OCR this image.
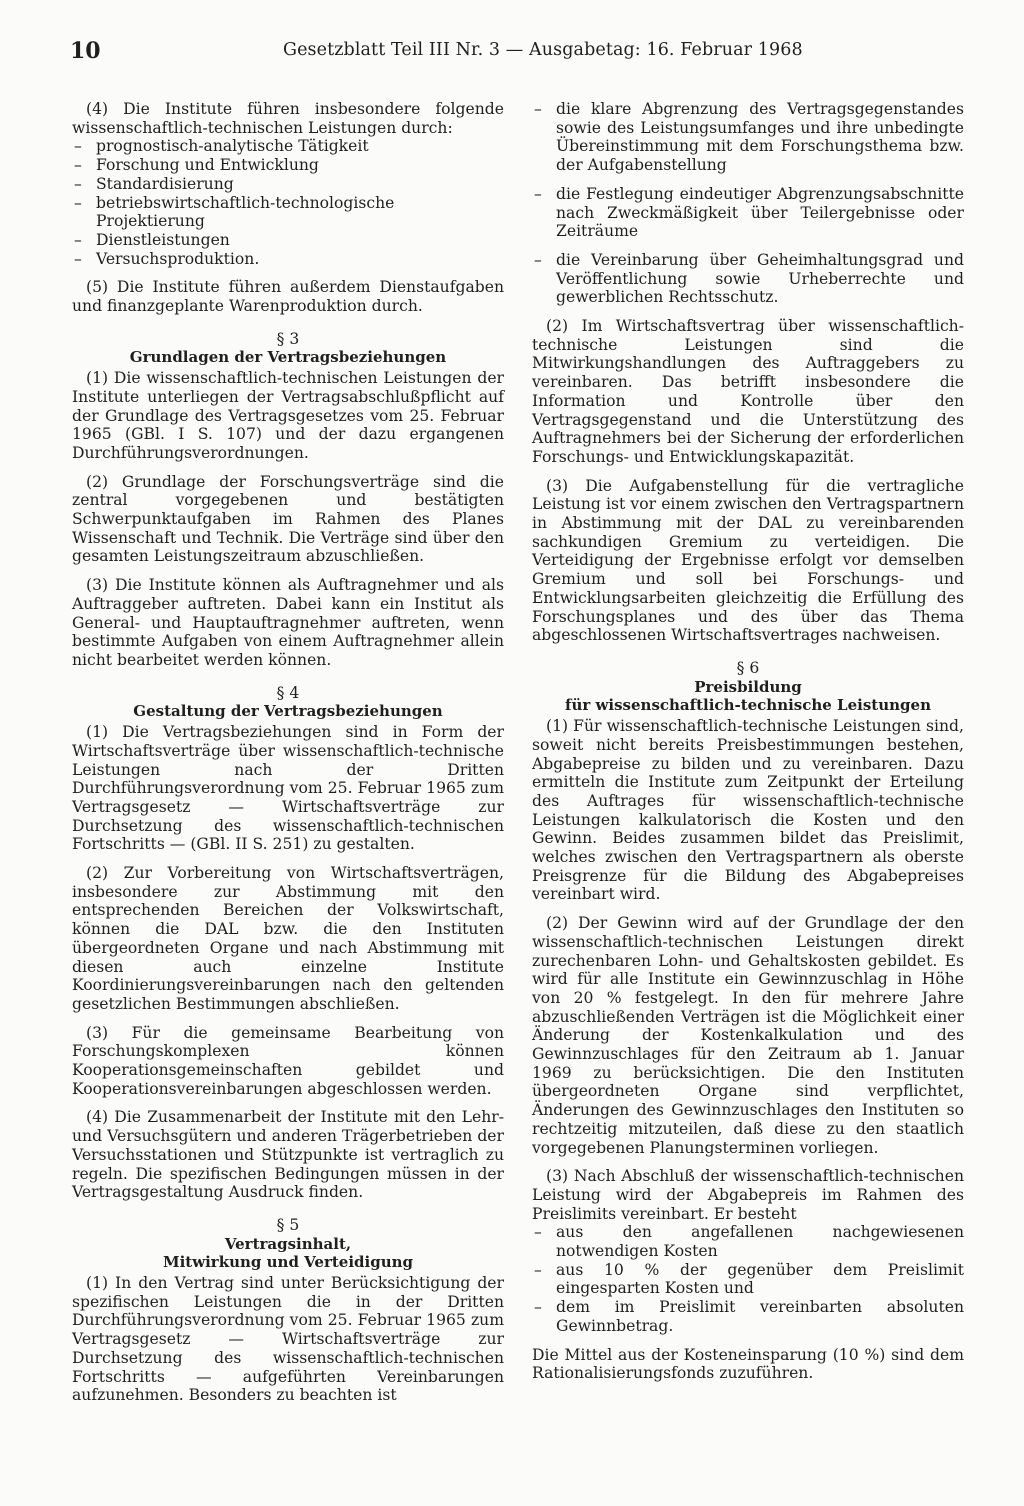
10	Gesetzblatt Teil III Nr. 3 — Ausgabetag: 16. Februar 1968

(4) Die Institute führen insbesondere folgende wissenschaftlich-technischen Leistungen durch:

– prognostisch-analytische Tätigkeit
– Forschung und Entwicklung
– Standardisierung
– betriebswirtschaftlich-technologische Projektierung
– Dienstleistungen
– Versuchsproduktion.

(5) Die Institute führen außerdem Dienstaufgaben und finanzgeplante Warenproduktion durch.

§ 3
Grundlagen der Vertragsbeziehungen

(1) Die wissenschaftlich-technischen Leistungen der Institute unterliegen der Vertragsabschlußpflicht auf der Grundlage des Vertragsgesetzes vom 25. Februar 1965 (GBl. I S. 107) und der dazu ergangenen Durchführungsverordnungen.

(2) Grundlage der Forschungsverträge sind die zentral vorgegebenen und bestätigten Schwerpunktaufgaben im Rahmen des Planes Wissenschaft und Technik. Die Verträge sind über den gesamten Leistungszeitraum abzuschließen.

(3) Die Institute können als Auftragnehmer und als Auftraggeber auftreten. Dabei kann ein Institut als General- und Hauptauftragnehmer auftreten, wenn bestimmte Aufgaben von einem Auftragnehmer allein nicht bearbeitet werden können.

§ 4
Gestaltung der Vertragsbeziehungen

(1) Die Vertragsbeziehungen sind in Form der Wirtschaftsverträge über wissenschaftlich-technische Leistungen nach der Dritten Durchführungsverordnung vom 25. Februar 1965 zum Vertragsgesetz — Wirtschaftsverträge zur Durchsetzung des wissenschaftlich-technischen Fortschritts — (GBl. II S. 251) zu gestalten.

(2) Zur Vorbereitung von Wirtschaftsverträgen, insbesondere zur Abstimmung mit den entsprechenden Bereichen der Volkswirtschaft, können die DAL bzw. die den Instituten übergeordneten Organe und nach Abstimmung mit diesen auch einzelne Institute Koordinierungsvereinbarungen nach den geltenden gesetzlichen Bestimmungen abschließen.

(3) Für die gemeinsame Bearbeitung von Forschungskomplexen können Kooperationsgemeinschaften gebildet und Kooperationsvereinbarungen abgeschlossen werden.

(4) Die Zusammenarbeit der Institute mit den Lehr- und Versuchsgütern und anderen Trägerbetrieben der Versuchsstationen und Stützpunkte ist vertraglich zu regeln. Die spezifischen Bedingungen müssen in der Vertragsgestaltung Ausdruck finden.

§ 5
Vertragsinhalt,
Mitwirkung und Verteidigung

(1) In den Vertrag sind unter Berücksichtigung der spezifischen Leistungen die in der Dritten Durchführungsverordnung vom 25. Februar 1965 zum Vertragsgesetz — Wirtschaftsverträge zur Durchsetzung des wissenschaftlich-technischen Fortschritts — aufgeführten Vereinbarungen aufzunehmen. Besonders zu beachten ist

– die klare Abgrenzung des Vertragsgegenstandes sowie des Leistungsumfanges und ihre unbedingte Übereinstimmung mit dem Forschungsthema bzw. der Aufgabenstellung
– die Festlegung eindeutiger Abgrenzungsabschnitte nach Zweckmäßigkeit über Teilergebnisse oder Zeiträume
– die Vereinbarung über Geheimhaltungsgrad und Veröffentlichung sowie Urheberrechte und gewerblichen Rechtsschutz.

(2) Im Wirtschaftsvertrag über wissenschaftlich-technische Leistungen sind die Mitwirkungshandlungen des Auftraggebers zu vereinbaren. Das betrifft insbesondere die Information und Kontrolle über den Vertragsgegenstand und die Unterstützung des Auftragnehmers bei der Sicherung der erforderlichen Forschungs- und Entwicklungskapazität.

(3) Die Aufgabenstellung für die vertragliche Leistung ist vor einem zwischen den Vertragspartnern in Abstimmung mit der DAL zu vereinbarenden sachkundigen Gremium zu verteidigen. Die Verteidigung der Ergebnisse erfolgt vor demselben Gremium und soll bei Forschungs- und Entwicklungsarbeiten gleichzeitig die Erfüllung des Forschungsplanes und des über das Thema abgeschlossenen Wirtschaftsvertrages nachweisen.

§ 6
Preisbildung
für wissenschaftlich-technische Leistungen

(1) Für wissenschaftlich-technische Leistungen sind, soweit nicht bereits Preisbestimmungen bestehen, Abgabepreise zu bilden und zu vereinbaren. Dazu ermitteln die Institute zum Zeitpunkt der Erteilung des Auftrages für wissenschaftlich-technische Leistungen kalkulatorisch die Kosten und den Gewinn. Beides zusammen bildet das Preislimit, welches zwischen den Vertragspartnern als oberste Preisgrenze für die Bildung des Abgabepreises vereinbart wird.

(2) Der Gewinn wird auf der Grundlage der den wissenschaftlich-technischen Leistungen direkt zurechenbaren Lohn- und Gehaltskosten gebildet. Es wird für alle Institute ein Gewinnzuschlag in Höhe von 20 % festgelegt. In den für mehrere Jahre abzuschließenden Verträgen ist die Möglichkeit einer Änderung der Kostenkalkulation und des Gewinnzuschlages für den Zeitraum ab 1. Januar 1969 zu berücksichtigen. Die den Instituten übergeordneten Organe sind verpflichtet, Änderungen des Gewinnzuschlages den Instituten so rechtzeitig mitzuteilen, daß diese zu den staatlich vorgegebenen Planungsterminen vorliegen.

(3) Nach Abschluß der wissenschaftlich-technischen Leistung wird der Abgabepreis im Rahmen des Preislimits vereinbart. Er besteht

– aus den angefallenen nachgewiesenen notwendigen Kosten
– aus 10 % der gegenüber dem Preislimit eingesparten Kosten und
– dem im Preislimit vereinbarten absoluten Gewinnbetrag.

Die Mittel aus der Kosteneinsparung (10 %) sind dem Rationalisierungsfonds zuzuführen.
